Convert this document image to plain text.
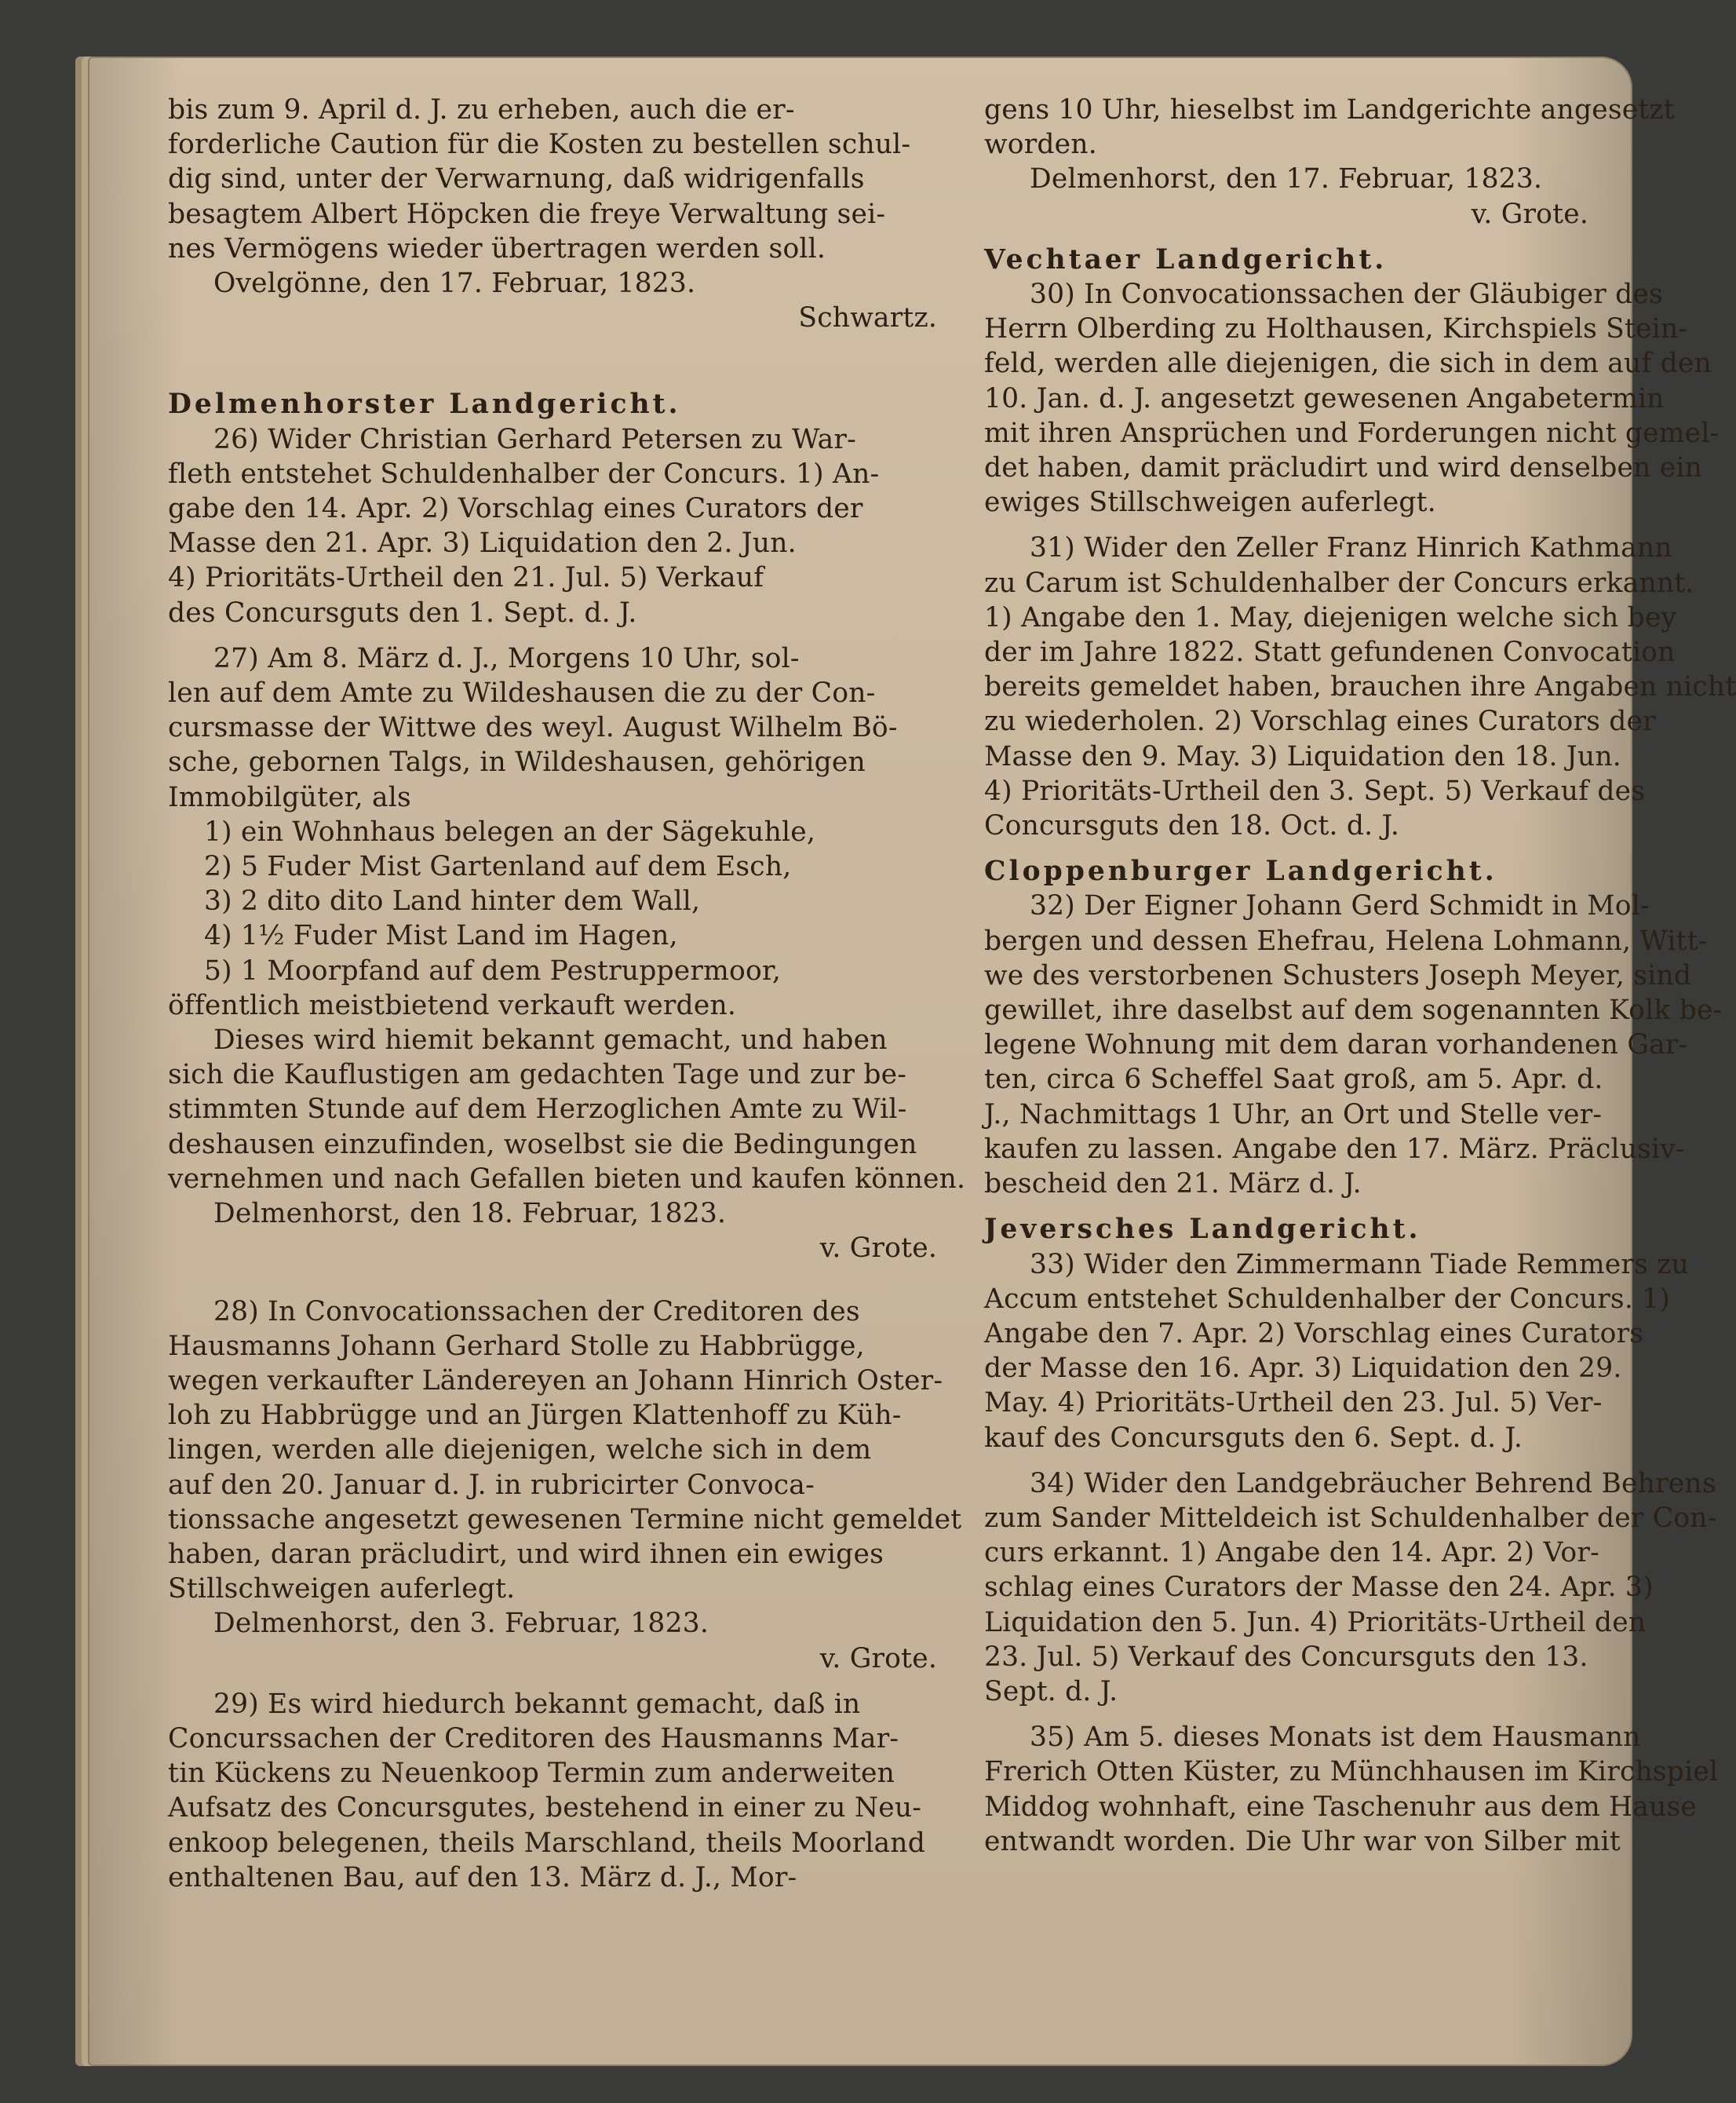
bis zum 9. April d. J. zu erheben, auch die er-
forderliche Caution für die Kosten zu bestellen schul-
dig sind, unter der Verwarnung, daß widrigenfalls
besagtem Albert Höpcken die freye Verwaltung sei-
nes Vermögens wieder übertragen werden soll.
Ovelgönne, den 17. Februar, 1823.
Schwartz.
Delmenhorster Landgericht.
26) Wider Christian Gerhard Petersen zu War-
fleth entstehet Schuldenhalber der Concurs. 1) An-
gabe den 14. Apr. 2) Vorschlag eines Curators der
Masse den 21. Apr. 3) Liquidation den 2. Jun.
4) Prioritäts-Urtheil den 21. Jul. 5) Verkauf
des Concursguts den 1. Sept. d. J.
27) Am 8. März d. J., Morgens 10 Uhr, sol-
len auf dem Amte zu Wildeshausen die zu der Con-
cursmasse der Wittwe des weyl. August Wilhelm Bö-
sche, gebornen Talgs, in Wildeshausen, gehörigen
Immobilgüter, als
1) ein Wohnhaus belegen an der Sägekuhle,
2) 5 Fuder Mist Gartenland auf dem Esch,
3) 2 dito dito Land hinter dem Wall,
4) 1½ Fuder Mist Land im Hagen,
5) 1 Moorpfand auf dem Pestruppermoor,
öffentlich meistbietend verkauft werden.
Dieses wird hiemit bekannt gemacht, und haben
sich die Kauflustigen am gedachten Tage und zur be-
stimmten Stunde auf dem Herzoglichen Amte zu Wil-
deshausen einzufinden, woselbst sie die Bedingungen
vernehmen und nach Gefallen bieten und kaufen können.
Delmenhorst, den 18. Februar, 1823.
v. Grote.
28) In Convocationssachen der Creditoren des
Hausmanns Johann Gerhard Stolle zu Habbrügge,
wegen verkaufter Ländereyen an Johann Hinrich Oster-
loh zu Habbrügge und an Jürgen Klattenhoff zu Küh-
lingen, werden alle diejenigen, welche sich in dem
auf den 20. Januar d. J. in rubricirter Convoca-
tionssache angesetzt gewesenen Termine nicht gemeldet
haben, daran präcludirt, und wird ihnen ein ewiges
Stillschweigen auferlegt.
Delmenhorst, den 3. Februar, 1823.
v. Grote.
29) Es wird hiedurch bekannt gemacht, daß in
Concurssachen der Creditoren des Hausmanns Mar-
tin Kückens zu Neuenkoop Termin zum anderweiten
Aufsatz des Concursgutes, bestehend in einer zu Neu-
enkoop belegenen, theils Marschland, theils Moorland
enthaltenen Bau, auf den 13. März d. J., Mor-
gens 10 Uhr, hieselbst im Landgerichte angesetzt
worden.
Delmenhorst, den 17. Februar, 1823.
v. Grote.
Vechtaer Landgericht.
30) In Convocationssachen der Gläubiger des
Herrn Olberding zu Holthausen, Kirchspiels Stein-
feld, werden alle diejenigen, die sich in dem auf den
10. Jan. d. J. angesetzt gewesenen Angabetermin
mit ihren Ansprüchen und Forderungen nicht gemel-
det haben, damit präcludirt und wird denselben ein
ewiges Stillschweigen auferlegt.
31) Wider den Zeller Franz Hinrich Kathmann
zu Carum ist Schuldenhalber der Concurs erkannt.
1) Angabe den 1. May, diejenigen welche sich bey
der im Jahre 1822. Statt gefundenen Convocation
bereits gemeldet haben, brauchen ihre Angaben nicht
zu wiederholen. 2) Vorschlag eines Curators der
Masse den 9. May. 3) Liquidation den 18. Jun.
4) Prioritäts-Urtheil den 3. Sept. 5) Verkauf des
Concursguts den 18. Oct. d. J.
Cloppenburger Landgericht.
32) Der Eigner Johann Gerd Schmidt in Mol-
bergen und dessen Ehefrau, Helena Lohmann, Witt-
we des verstorbenen Schusters Joseph Meyer, sind
gewillet, ihre daselbst auf dem sogenannten Kolk be-
legene Wohnung mit dem daran vorhandenen Gar-
ten, circa 6 Scheffel Saat groß, am 5. Apr. d.
J., Nachmittags 1 Uhr, an Ort und Stelle ver-
kaufen zu lassen. Angabe den 17. März. Präclusiv-
bescheid den 21. März d. J.
Jeversches Landgericht.
33) Wider den Zimmermann Tiade Remmers zu
Accum entstehet Schuldenhalber der Concurs. 1)
Angabe den 7. Apr. 2) Vorschlag eines Curators
der Masse den 16. Apr. 3) Liquidation den 29.
May. 4) Prioritäts-Urtheil den 23. Jul. 5) Ver-
kauf des Concursguts den 6. Sept. d. J.
34) Wider den Landgebräucher Behrend Behrens
zum Sander Mitteldeich ist Schuldenhalber der Con-
curs erkannt. 1) Angabe den 14. Apr. 2) Vor-
schlag eines Curators der Masse den 24. Apr. 3)
Liquidation den 5. Jun. 4) Prioritäts-Urtheil den
23. Jul. 5) Verkauf des Concursguts den 13.
Sept. d. J.
35) Am 5. dieses Monats ist dem Hausmann
Frerich Otten Küster, zu Münchhausen im Kirchspiel
Middog wohnhaft, eine Taschenuhr aus dem Hause
entwandt worden. Die Uhr war von Silber mit
